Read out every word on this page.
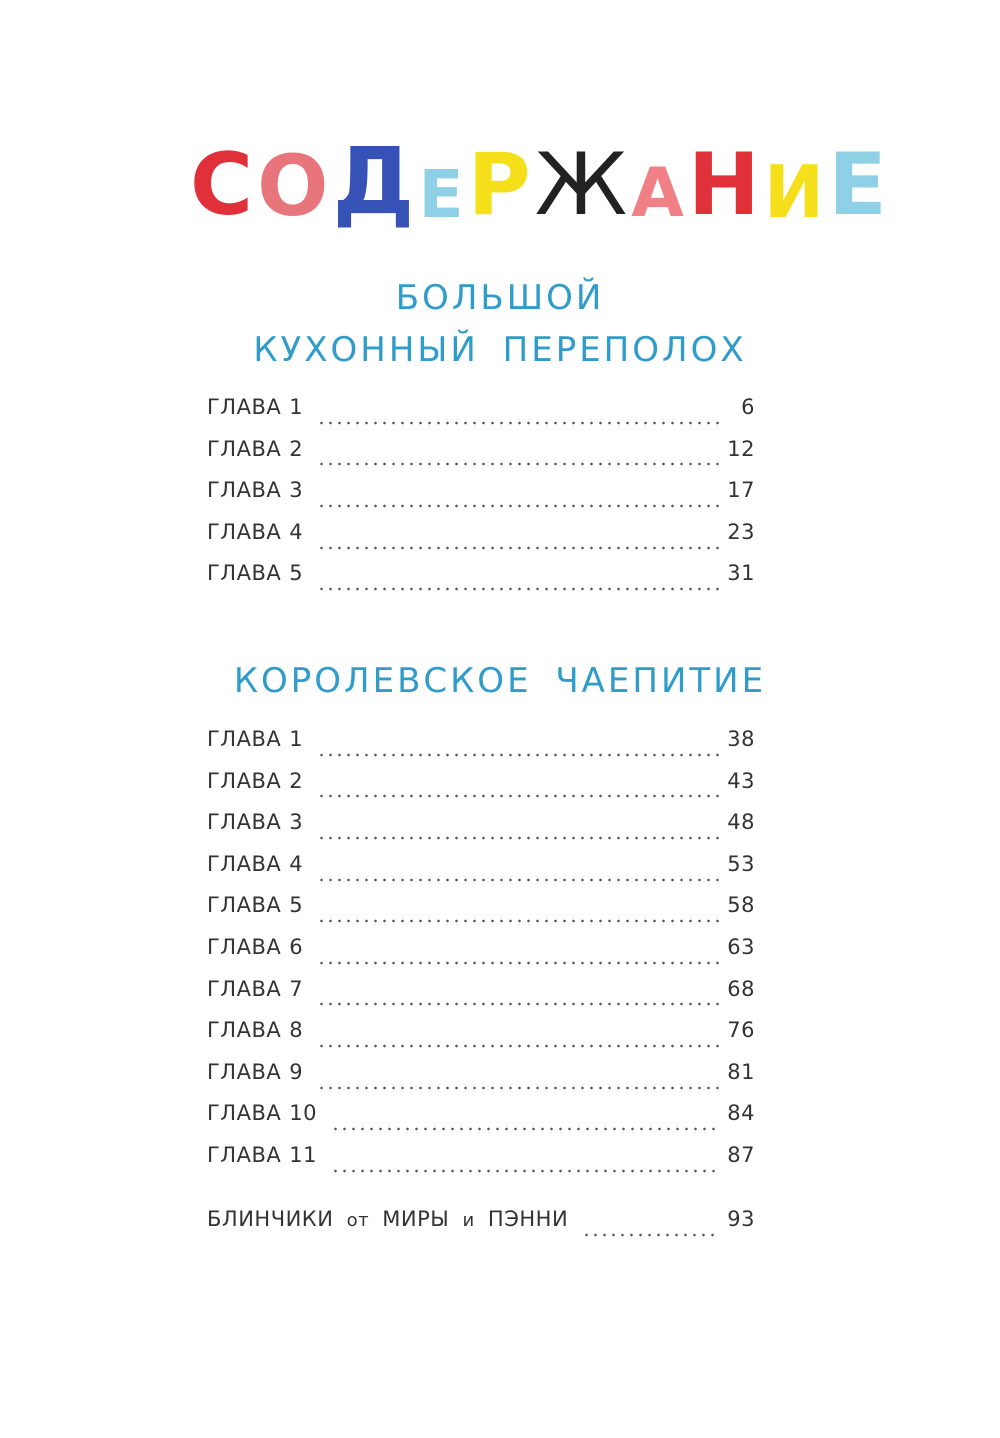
С О Д Е Р Ж А Н И Е
БОЛЬШОЙ
КУХОННЫЙ ПЕРЕПОЛОХ
ГЛАВА 1	6
ГЛАВА 2	12
ГЛАВА 3	17
ГЛАВА 4	23
ГЛАВА 5	31
КОРОЛЕВСКОЕ ЧАЕПИТИЕ
ГЛАВА 1	38
ГЛАВА 2	43
ГЛАВА 3	48
ГЛАВА 4	53
ГЛАВА 5	58
ГЛАВА 6	63
ГЛАВА 7	68
ГЛАВА 8	76
ГЛАВА 9	81
ГЛАВА 10	84
ГЛАВА 11	87
БЛИНЧИКИ от МИРЫ и ПЭННИ	93
